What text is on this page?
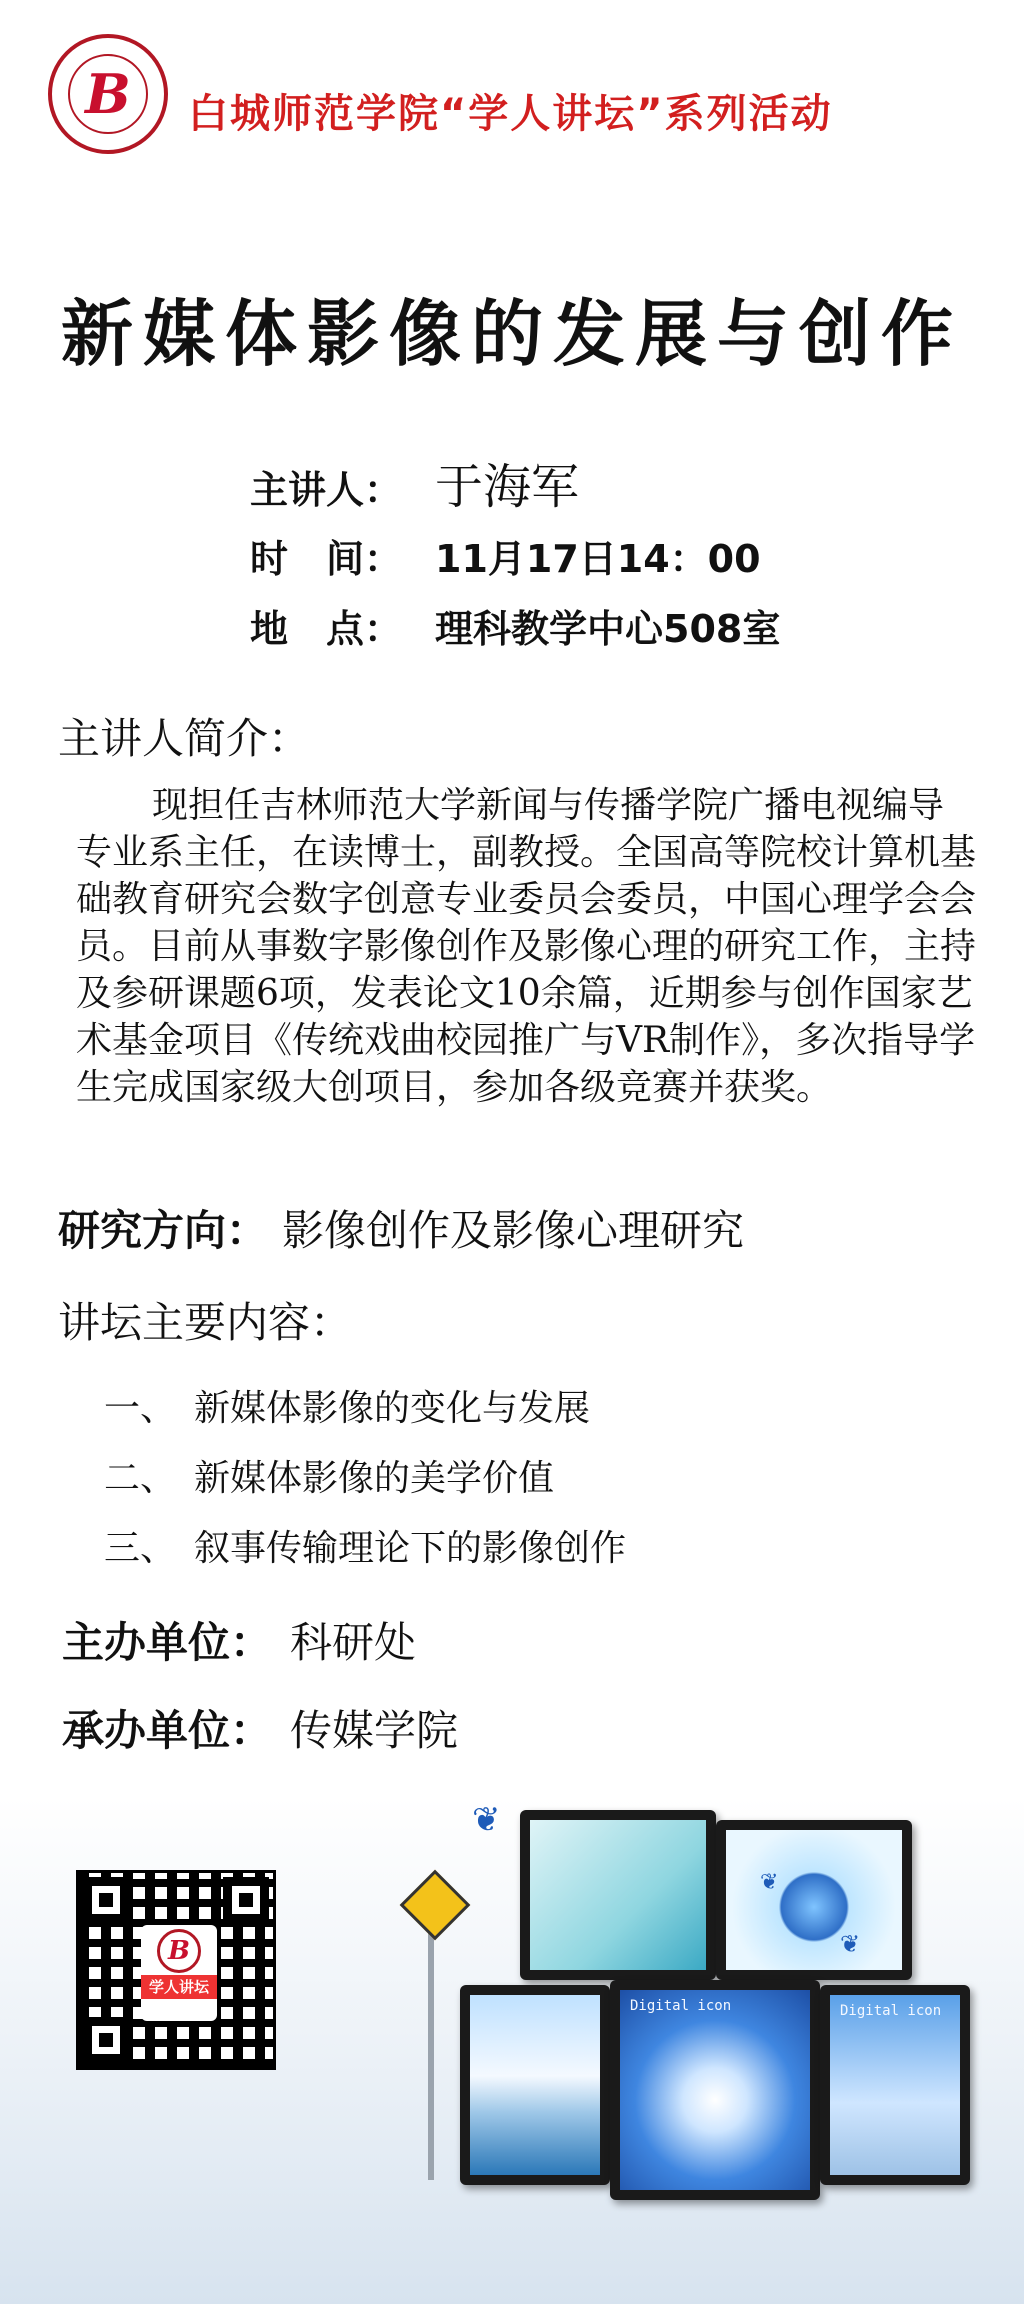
B	白城师范学院“学人讲坛”系列活动
新媒体影像的发展与创作
主讲人： 于海军
时　间： 11月17日14：00
地　点： 理科教学中心508室
主讲人简介：

现担任吉林师范大学新闻与传播学院广播电视编导专业系主任，在读博士，副教授。全国高等院校计算机基础教育研究会数字创意专业委员会委员，中国心理学会会员。目前从事数字影像创作及影像心理的研究工作，主持及参研课题6项，发表论文10余篇，近期参与创作国家艺术基金项目《传统戏曲校园推广与VR制作》，多次指导学生完成国家级大创项目，参加各级竞赛并获奖。

研究方向： 影像创作及影像心理研究
讲坛主要内容：
一、 新媒体影像的变化与发展
二、 新媒体影像的美学价值
三、 叙事传输理论下的影像创作
主办单位： 科研处
承办单位： 传媒学院
B
学人讲坛
Digital icon	Digital icon
❦
❦
❦
